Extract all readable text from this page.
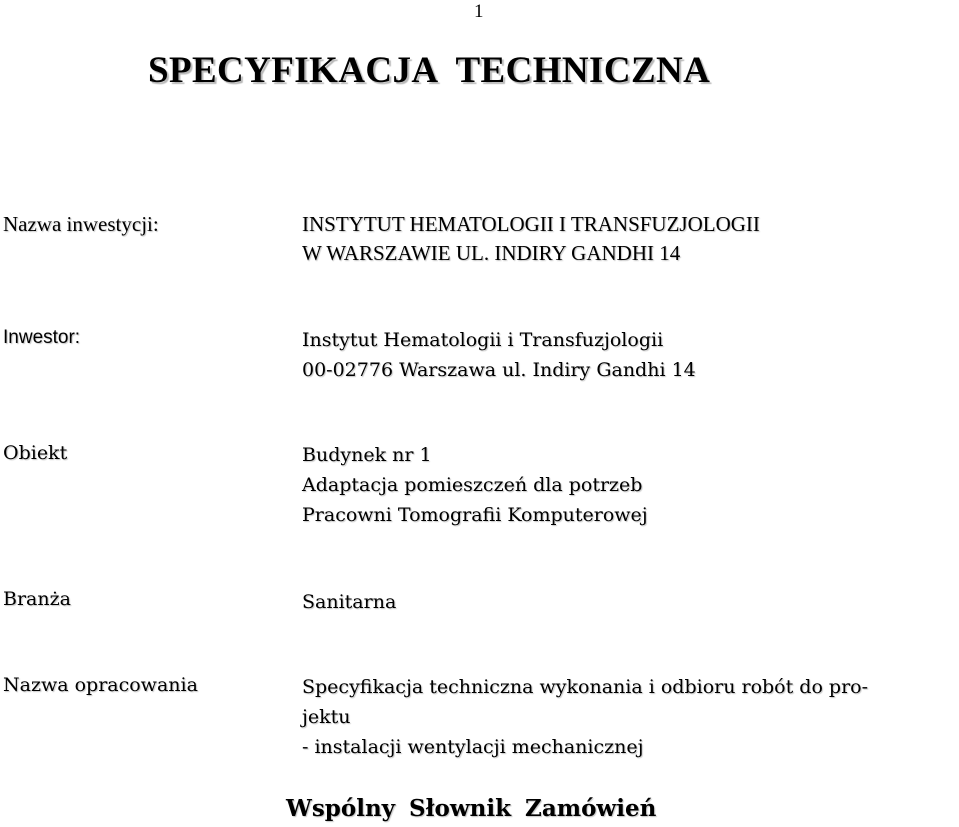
1
SPECYFIKACJA TECHNICZNA
Nazwa inwestycji:	INSTYTUT HEMATOLOGII I TRANSFUZJOLOGII
W WARSZAWIE UL. INDIRY GANDHI 14
Inwestor:	Instytut Hematologii i Transfuzjologii
00-02776 Warszawa ul. Indiry Gandhi 14
Obiekt	Budynek nr 1
Adaptacja pomieszczeń dla potrzeb
Pracowni Tomografii Komputerowej
Branża	Sanitarna
Nazwa opracowania	Specyfikacja techniczna wykonania i odbioru robót do pro-
jektu
- instalacji wentylacji mechanicznej
Wspólny Słownik Zamówień
